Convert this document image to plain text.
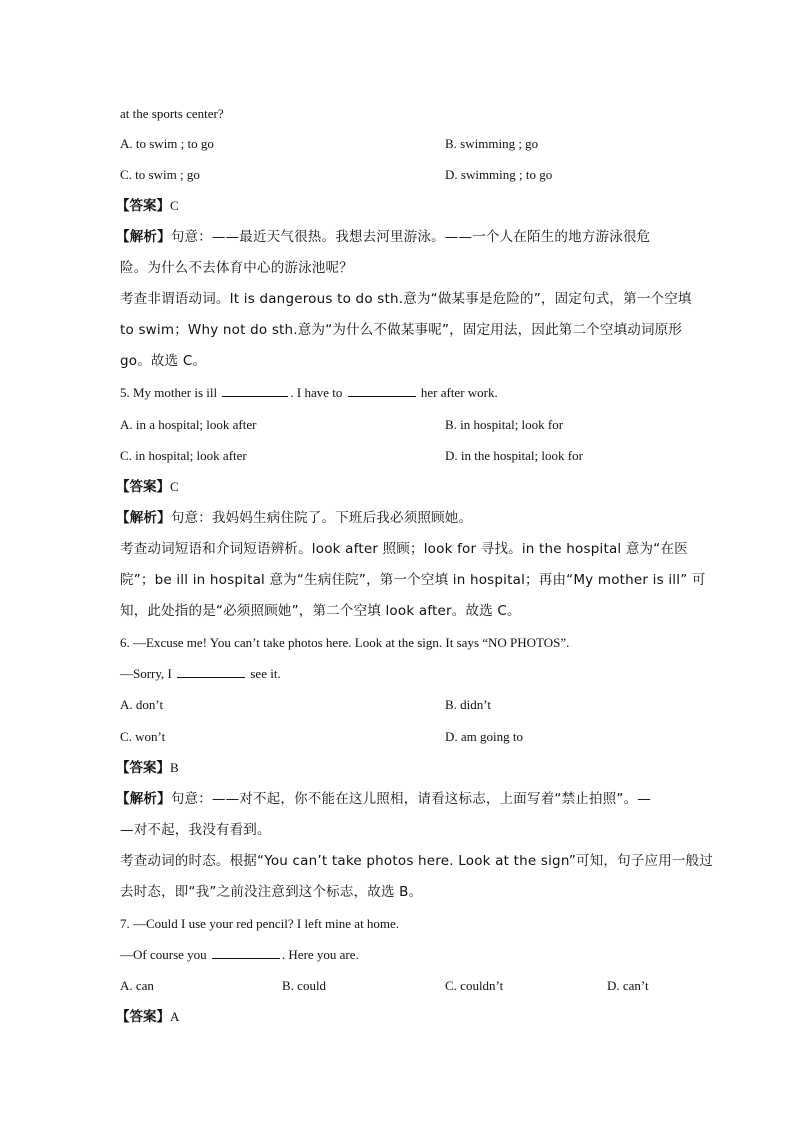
at the sports center?
A. to swim ; to go	B. swimming ; go
C. to swim ; go	D. swimming ; to go
【答案】C
【解析】句意：——最近天气很热。我想去河里游泳。——一个人在陌生的地方游泳很危
险。为什么不去体育中心的游泳池呢？
考查非谓语动词。It is dangerous to do sth.意为“做某事是危险的”，固定句式，第一个空填
to swim；Why not do sth.意为“为什么不做某事呢”，固定用法，因此第二个空填动词原形
go。故选 C。
5. My mother is ill	. I have to	her after work.
A. in a hospital; look after	B. in hospital; look for
C. in hospital; look after	D. in the hospital; look for
【答案】C
【解析】句意：我妈妈生病住院了。下班后我必须照顾她。
考查动词短语和介词短语辨析。look after 照顾；look for 寻找。in the hospital 意为“在医
院”；be ill in hospital 意为“生病住院”，第一个空填 in hospital；再由“My mother is ill” 可
知，此处指的是“必须照顾她”，第二个空填 look after。故选 C。
6. —Excuse me! You can’t take photos here. Look at the sign. It says “NO PHOTOS”.
—Sorry, I	see it.
A. don’t	B. didn’t
C. won’t	D. am going to
【答案】B
【解析】句意：——对不起，你不能在这儿照相，请看这标志，上面写着“禁止拍照”。—
—对不起，我没有看到。
考查动词的时态。根据“You can’t take photos here. Look at the sign”可知，句子应用一般过
去时态，即“我”之前没注意到这个标志，故选 B。
7. —Could I use your red pencil? I left mine at home.
—Of course you	. Here you are.
A. can	B. could	C. couldn’t	D. can’t
【答案】A
